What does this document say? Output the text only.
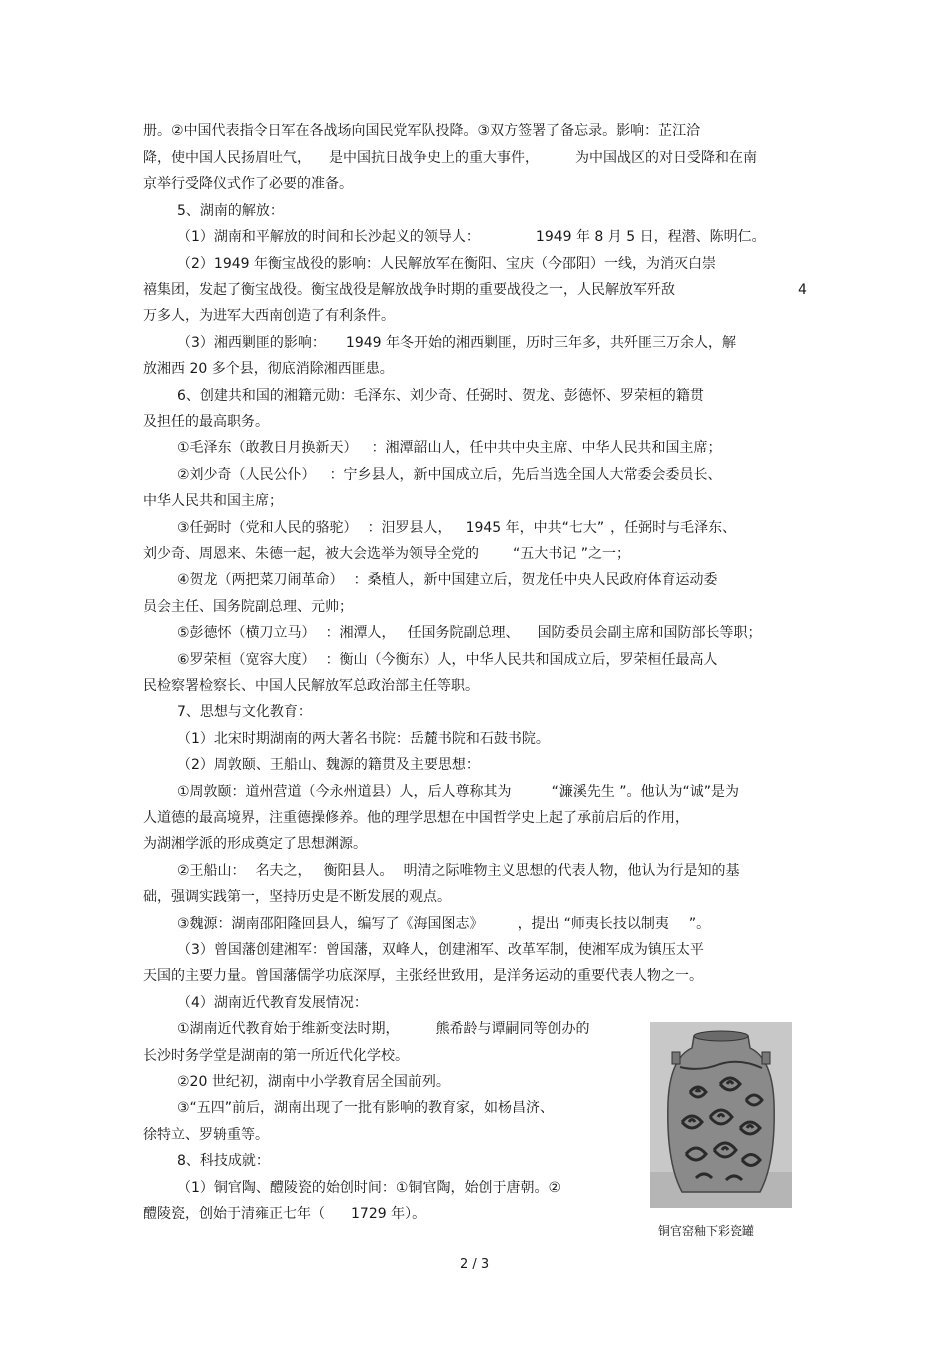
册。②中国代表指令日军在各战场向国民党军队投降。③双方签署了备忘录。影响：芷江洽
降，使中国人民扬眉吐气， 是中国抗日战争史上的重大事件，	为中国战区的对日受降和在南
京举行受降仪式作了必要的准备。
5、湖南的解放：
（1）湖南和平解放的时间和长沙起义的领导人：	1949 年 8 月 5 日，程潜、陈明仁。
（2）1949 年衡宝战役的影响：人民解放军在衡阳、宝庆（今邵阳）一线，为消灭白崇
禧集团，发起了衡宝战役。衡宝战役是解放战争时期的重要战役之一，人民解放军歼敌	4
万多人，为进军大西南创造了有利条件。
（3）湘西剿匪的影响： 1949 年冬开始的湘西剿匪，历时三年多，共歼匪三万余人，解
放湘西 20 多个县，彻底消除湘西匪患。
6、创建共和国的湘籍元勋：毛泽东、刘少奇、任弼时、贺龙、彭德怀、罗荣桓的籍贯
及担任的最高职务。
①毛泽东（敢教日月换新天） ：湘潭韶山人，任中共中央主席、中华人民共和国主席；
②刘少奇（人民公仆） ：宁乡县人，新中国成立后，先后当选全国人大常委会委员长、
中华人民共和国主席；
③任弼时（党和人民的骆驼） ：汨罗县人， 1945 年，中共“七大” ，任弼时与毛泽东、
刘少奇、周恩来、朱德一起，被大会选举为领导全党的 “五大书记 ”之一；
④贺龙（两把菜刀闹革命） ：桑植人，新中国建立后，贺龙任中央人民政府体育运动委
员会主任、国务院副总理、元帅；
⑤彭德怀（横刀立马） ：湘潭人， 任国务院副总理、 国防委员会副主席和国防部长等职；
⑥罗荣桓（宽容大度） ：衡山（今衡东）人，中华人民共和国成立后，罗荣桓任最高人
民检察署检察长、中国人民解放军总政治部主任等职。
7、思想与文化教育：
（1）北宋时期湖南的两大著名书院：岳麓书院和石鼓书院。
（2）周敦颐、王船山、魏源的籍贯及主要思想：
①周敦颐：道州营道（今永州道县）人，后人尊称其为	“濂溪先生 ”。他认为“诚”是为
人道德的最高境界，注重德操修养。他的理学思想在中国哲学史上起了承前启后的作用，
为湖湘学派的形成奠定了思想渊源。
②王船山： 名夫之， 衡阳县人。 明清之际唯物主义思想的代表人物，他认为行是知的基
础，强调实践第一，坚持历史是不断发展的观点。
③魏源：湖南邵阳隆回县人，编写了《海国图志》 ，提出 “师夷长技以制夷 ”。
（3）曾国藩创建湘军：曾国藩，双峰人，创建湘军、改革军制，使湘军成为镇压太平
天国的主要力量。曾国藩儒学功底深厚，主张经世致用，是洋务运动的重要代表人物之一。
（4）湖南近代教育发展情况：
①湖南近代教育始于维新变法时期，	熊希龄与谭嗣同等创办的
长沙时务学堂是湖南的第一所近代化学校。
②20 世纪初，湖南中小学教育居全国前列。
③“五四”前后，湖南出现了一批有影响的教育家，如杨昌济、
徐特立、罗辀重等。
8、科技成就：
（1）铜官陶、醴陵瓷的始创时间：①铜官陶，始创于唐朝。②
醴陵瓷，创始于清雍正七年（ 1729 年）。
铜官窑釉下彩瓷罐
2 / 3
